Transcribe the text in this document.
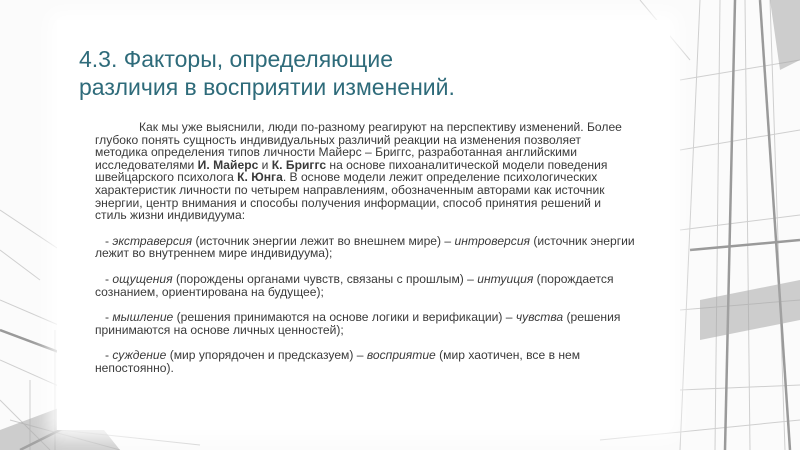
4.3. Факторы, определяющие
различия в восприятии изменений.

Как мы уже выяснили, люди по-разному реагируют на перспективу изменений. Более глубоко понять сущность индивидуальных различий реакции на изменения позволяет методика определения типов личности Майерс – Бриггс, разработанная английскими исследователями И. Майерс и К. Бриггс на основе пихоаналитической модели поведения швейцарского психолога К. Юнга. В основе модели лежит определение психологических характеристик личности по четырем направлениям, обозначенным авторами как источник энергии, центр внимания и способы получения информации, способ принятия решений и стиль жизни индивидуума:

- экстраверсия (источник энергии лежит во внешнем мире) – интроверсия (источник энергии лежит во внутреннем мире индивидуума);

- ощущения (порождены органами чувств, связаны с прошлым) – интуиция (порождается сознанием, ориентирована на будущее);

- мышление (решения принимаются на основе логики и верификации) – чувства (решения принимаются на основе личных ценностей);

- суждение (мир упорядочен и предсказуем) – восприятие (мир хаотичен, все в нем непостоянно).
